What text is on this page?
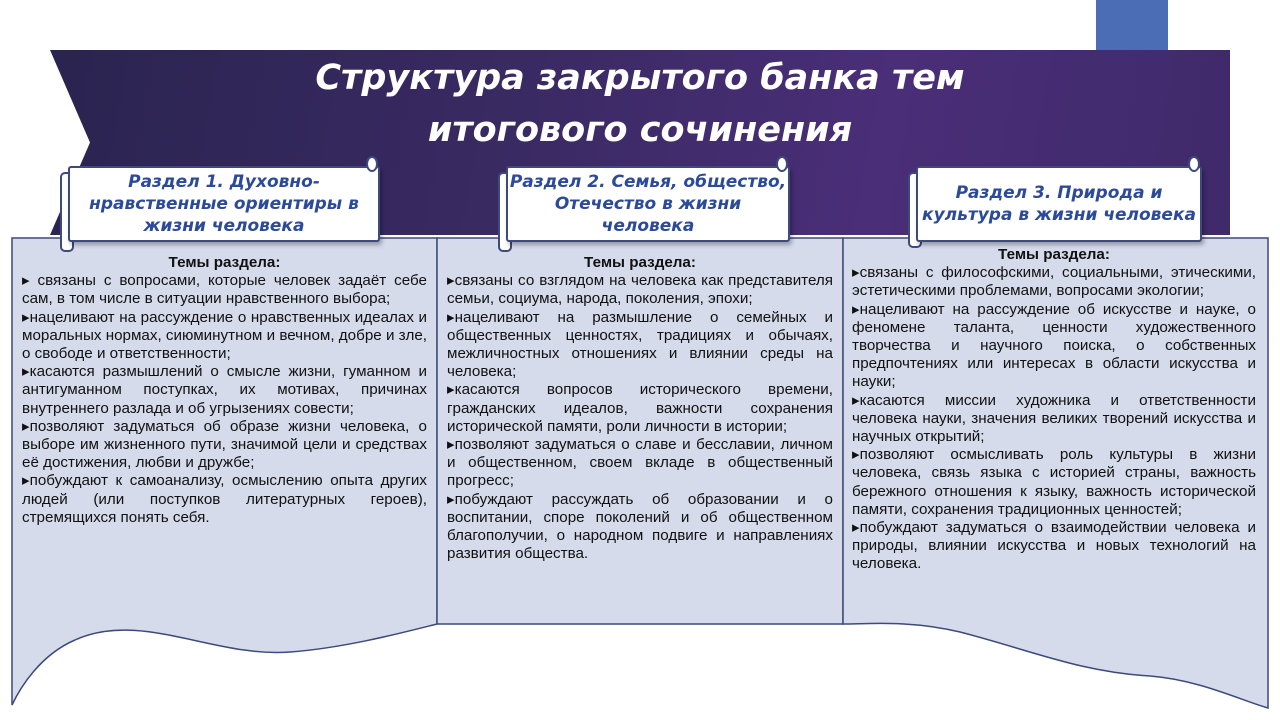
Структура закрытого банка тем
итогового сочинения
Раздел 1. Духовно-нравственные ориентиры в жизни человека
Раздел 2. Семья, общество, Отечество в жизни человека
Раздел 3. Природа и культура в жизни человека

Темы раздела:

▸ связаны с вопросами, которые человек задаёт себе сам, в том числе в ситуации нравственного выбора;

▸нацеливают на рассуждение о нравственных идеалах и моральных нормах, сиюминутном и вечном, добре и зле, о свободе и ответственности;

▸касаются размышлений о смысле жизни, гуманном и антигуманном поступках, их мотивах, причинах внутреннего разлада и об угрызениях совести;

▸позволяют задуматься об образе жизни человека, о выборе им жизненного пути, значимой цели и средствах её достижения, любви и дружбе;

▸побуждают к самоанализу, осмыслению опыта других людей (или поступков литературных героев), стремящихся понять себя.

Темы раздела:

▸связаны со взглядом на человека как представителя семьи, социума, народа, поколения, эпохи;

▸нацеливают на размышление о семейных и общественных ценностях, традициях и обычаях, межличностных отношениях и влиянии среды на человека;

▸касаются вопросов исторического времени, гражданских идеалов, важности сохранения исторической памяти, роли личности в истории;

▸позволяют задуматься о славе и бесславии, личном и общественном, своем вкладе в общественный прогресс;

▸побуждают рассуждать об образовании и о воспитании, споре поколений и об общественном благополучии, о народном подвиге и направлениях развития общества.

Темы раздела:

▸связаны с философскими, социальными, этическими, эстетическими проблемами, вопросами экологии;

▸нацеливают на рассуждение об искусстве и науке, о феномене таланта, ценности художественного творчества и научного поиска, о собственных предпочтениях или интересах в области искусства и науки;

▸касаются миссии художника и ответственности человека науки, значения великих творений искусства и научных открытий;

▸позволяют осмысливать роль культуры в жизни человека, связь языка с историей страны, важность бережного отношения к языку, важность исторической памяти, сохранения традиционных ценностей;

▸побуждают задуматься о взаимодействии человека и природы, влиянии искусства и новых технологий на человека.
